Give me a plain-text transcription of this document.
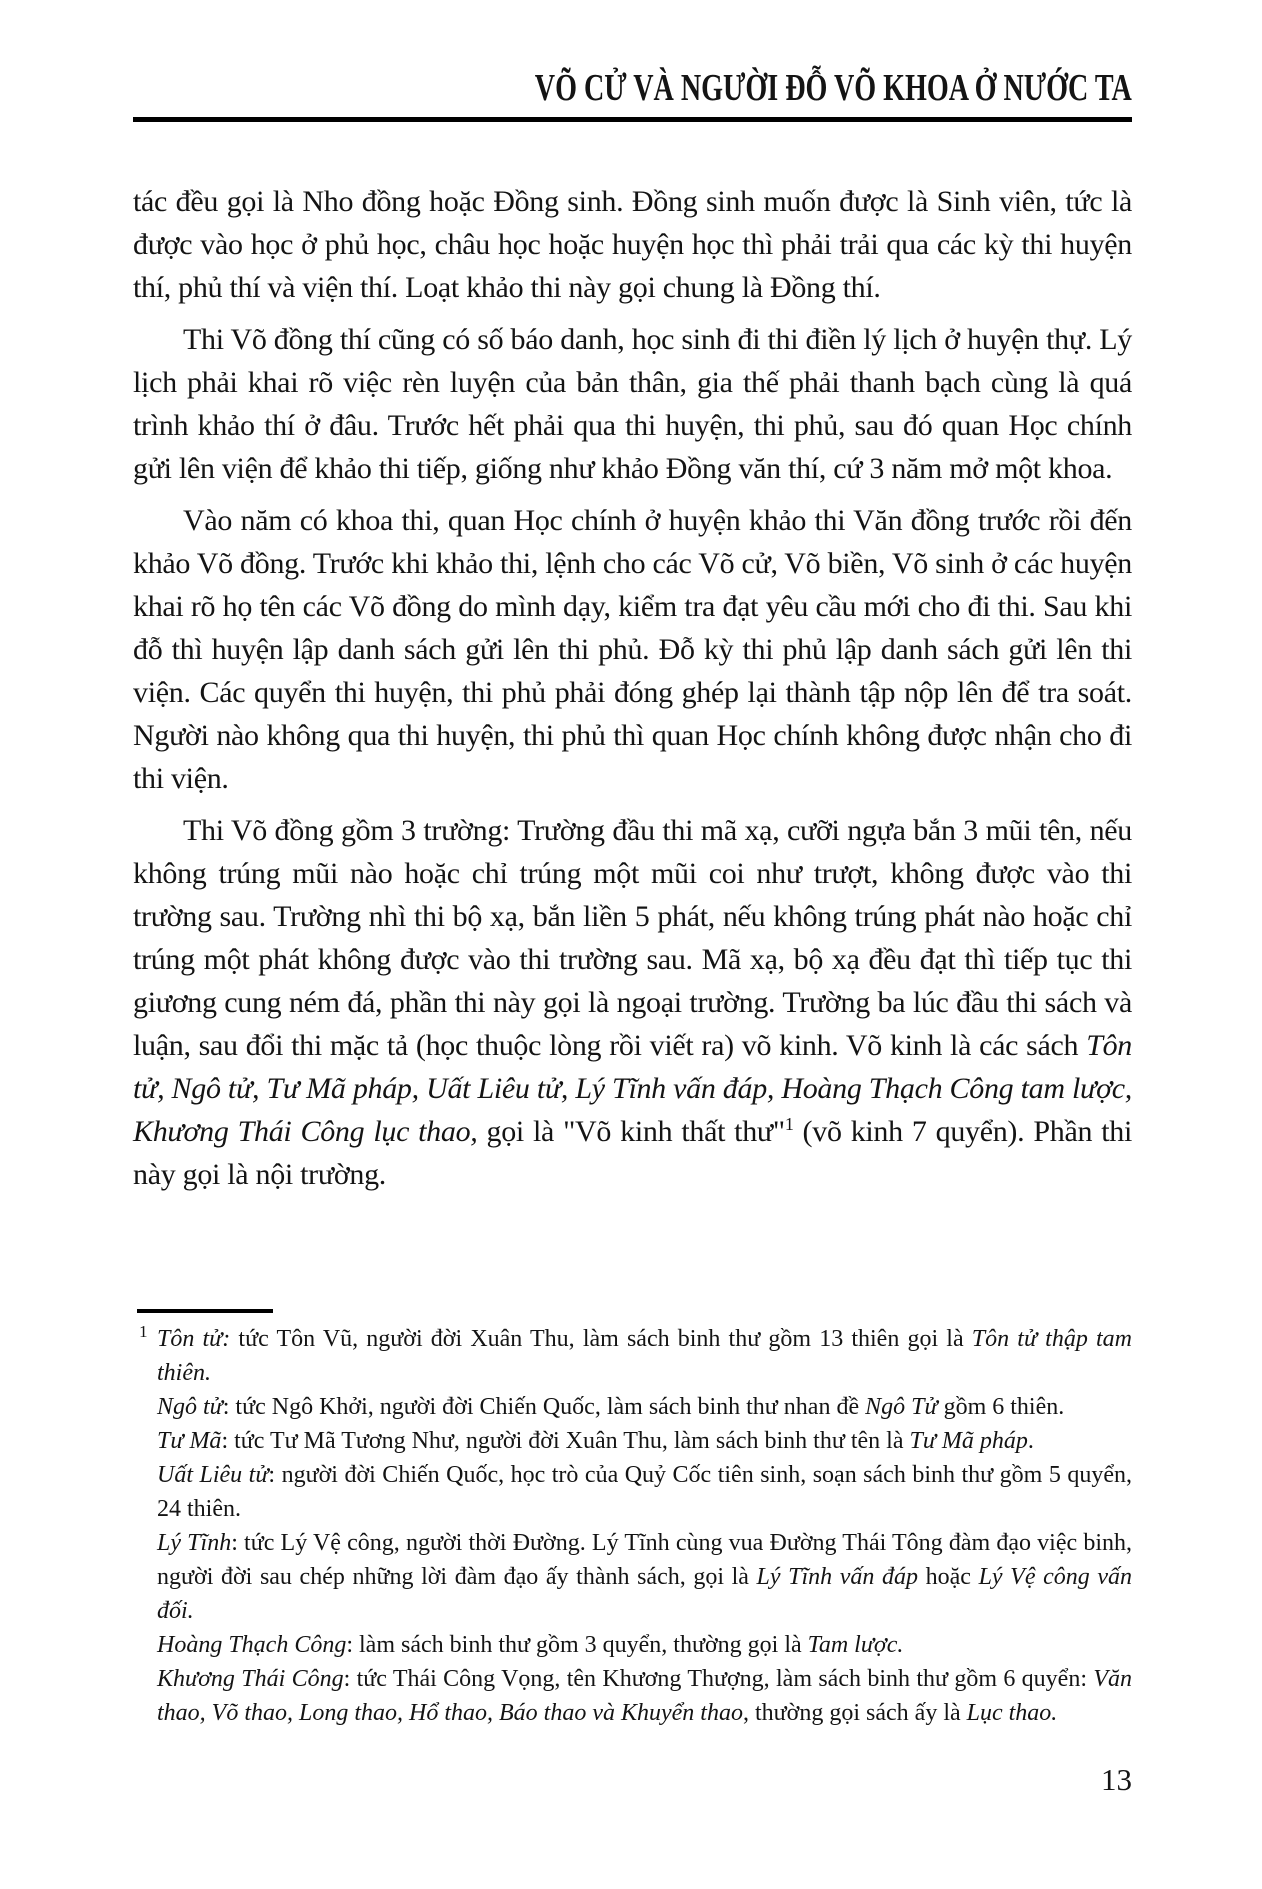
VÕ CỬ VÀ NGƯỜI ĐỖ VÕ KHOA Ở NƯỚC TA

tác đều gọi là Nho đồng hoặc Đồng sinh. Đồng sinh muốn được là Sinh viên, tức là được vào học ở phủ học, châu học hoặc huyện học thì phải trải qua các kỳ thi huyện thí, phủ thí và viện thí. Loạt khảo thi này gọi chung là Đồng thí.

Thi Võ đồng thí cũng có số báo danh, học sinh đi thi điền lý lịch ở huyện thự. Lý lịch phải khai rõ việc rèn luyện của bản thân, gia thế phải thanh bạch cùng là quá trình khảo thí ở đâu. Trước hết phải qua thi huyện, thi phủ, sau đó quan Học chính gửi lên viện để khảo thi tiếp, giống như khảo Đồng văn thí, cứ 3 năm mở một khoa.

Vào năm có khoa thi, quan Học chính ở huyện khảo thi Văn đồng trước rồi đến khảo Võ đồng. Trước khi khảo thi, lệnh cho các Võ cử, Võ biền, Võ sinh ở các huyện khai rõ họ tên các Võ đồng do mình dạy, kiểm tra đạt yêu cầu mới cho đi thi. Sau khi đỗ thì huyện lập danh sách gửi lên thi phủ. Đỗ kỳ thi phủ lập danh sách gửi lên thi viện. Các quyển thi huyện, thi phủ phải đóng ghép lại thành tập nộp lên để tra soát. Người nào không qua thi huyện, thi phủ thì quan Học chính không được nhận cho đi thi viện.

Thi Võ đồng gồm 3 trường: Trường đầu thi mã xạ, cưỡi ngựa bắn 3 mũi tên, nếu không trúng mũi nào hoặc chỉ trúng một mũi coi như trượt, không được vào thi trường sau. Trường nhì thi bộ xạ, bắn liền 5 phát, nếu không trúng phát nào hoặc chỉ trúng một phát không được vào thi trường sau. Mã xạ, bộ xạ đều đạt thì tiếp tục thi giương cung ném đá, phần thi này gọi là ngoại trường. Trường ba lúc đầu thi sách và luận, sau đổi thi mặc tả (học thuộc lòng rồi viết ra) võ kinh. Võ kinh là các sách Tôn tử, Ngô tử, Tư Mã pháp, Uất Liêu tử, Lý Tĩnh vấn đáp, Hoàng Thạch Công tam lược, Khương Thái Công lục thao, gọi là "Võ kinh thất thư"$^1$ (võ kinh 7 quyển). Phần thi này gọi là nội trường.

1 Tôn tử: tức Tôn Vũ, người đời Xuân Thu, làm sách binh thư gồm 13 thiên gọi là Tôn tử thập tam thiên.

Ngô tử: tức Ngô Khởi, người đời Chiến Quốc, làm sách binh thư nhan đề Ngô Tử gồm 6 thiên.

Tư Mã: tức Tư Mã Tương Như, người đời Xuân Thu, làm sách binh thư tên là Tư Mã pháp.

Uất Liêu tử: người đời Chiến Quốc, học trò của Quỷ Cốc tiên sinh, soạn sách binh thư gồm 5 quyển, 24 thiên.

Lý Tĩnh: tức Lý Vệ công, người thời Đường. Lý Tĩnh cùng vua Đường Thái Tông đàm đạo việc binh, người đời sau chép những lời đàm đạo ấy thành sách, gọi là Lý Tĩnh vấn đáp hoặc Lý Vệ công vấn đối.

Hoàng Thạch Công: làm sách binh thư gồm 3 quyển, thường gọi là Tam lược.

Khương Thái Công: tức Thái Công Vọng, tên Khương Thượng, làm sách binh thư gồm 6 quyển: Văn thao, Võ thao, Long thao, Hổ thao, Báo thao và Khuyển thao, thường gọi sách ấy là Lục thao.

13
